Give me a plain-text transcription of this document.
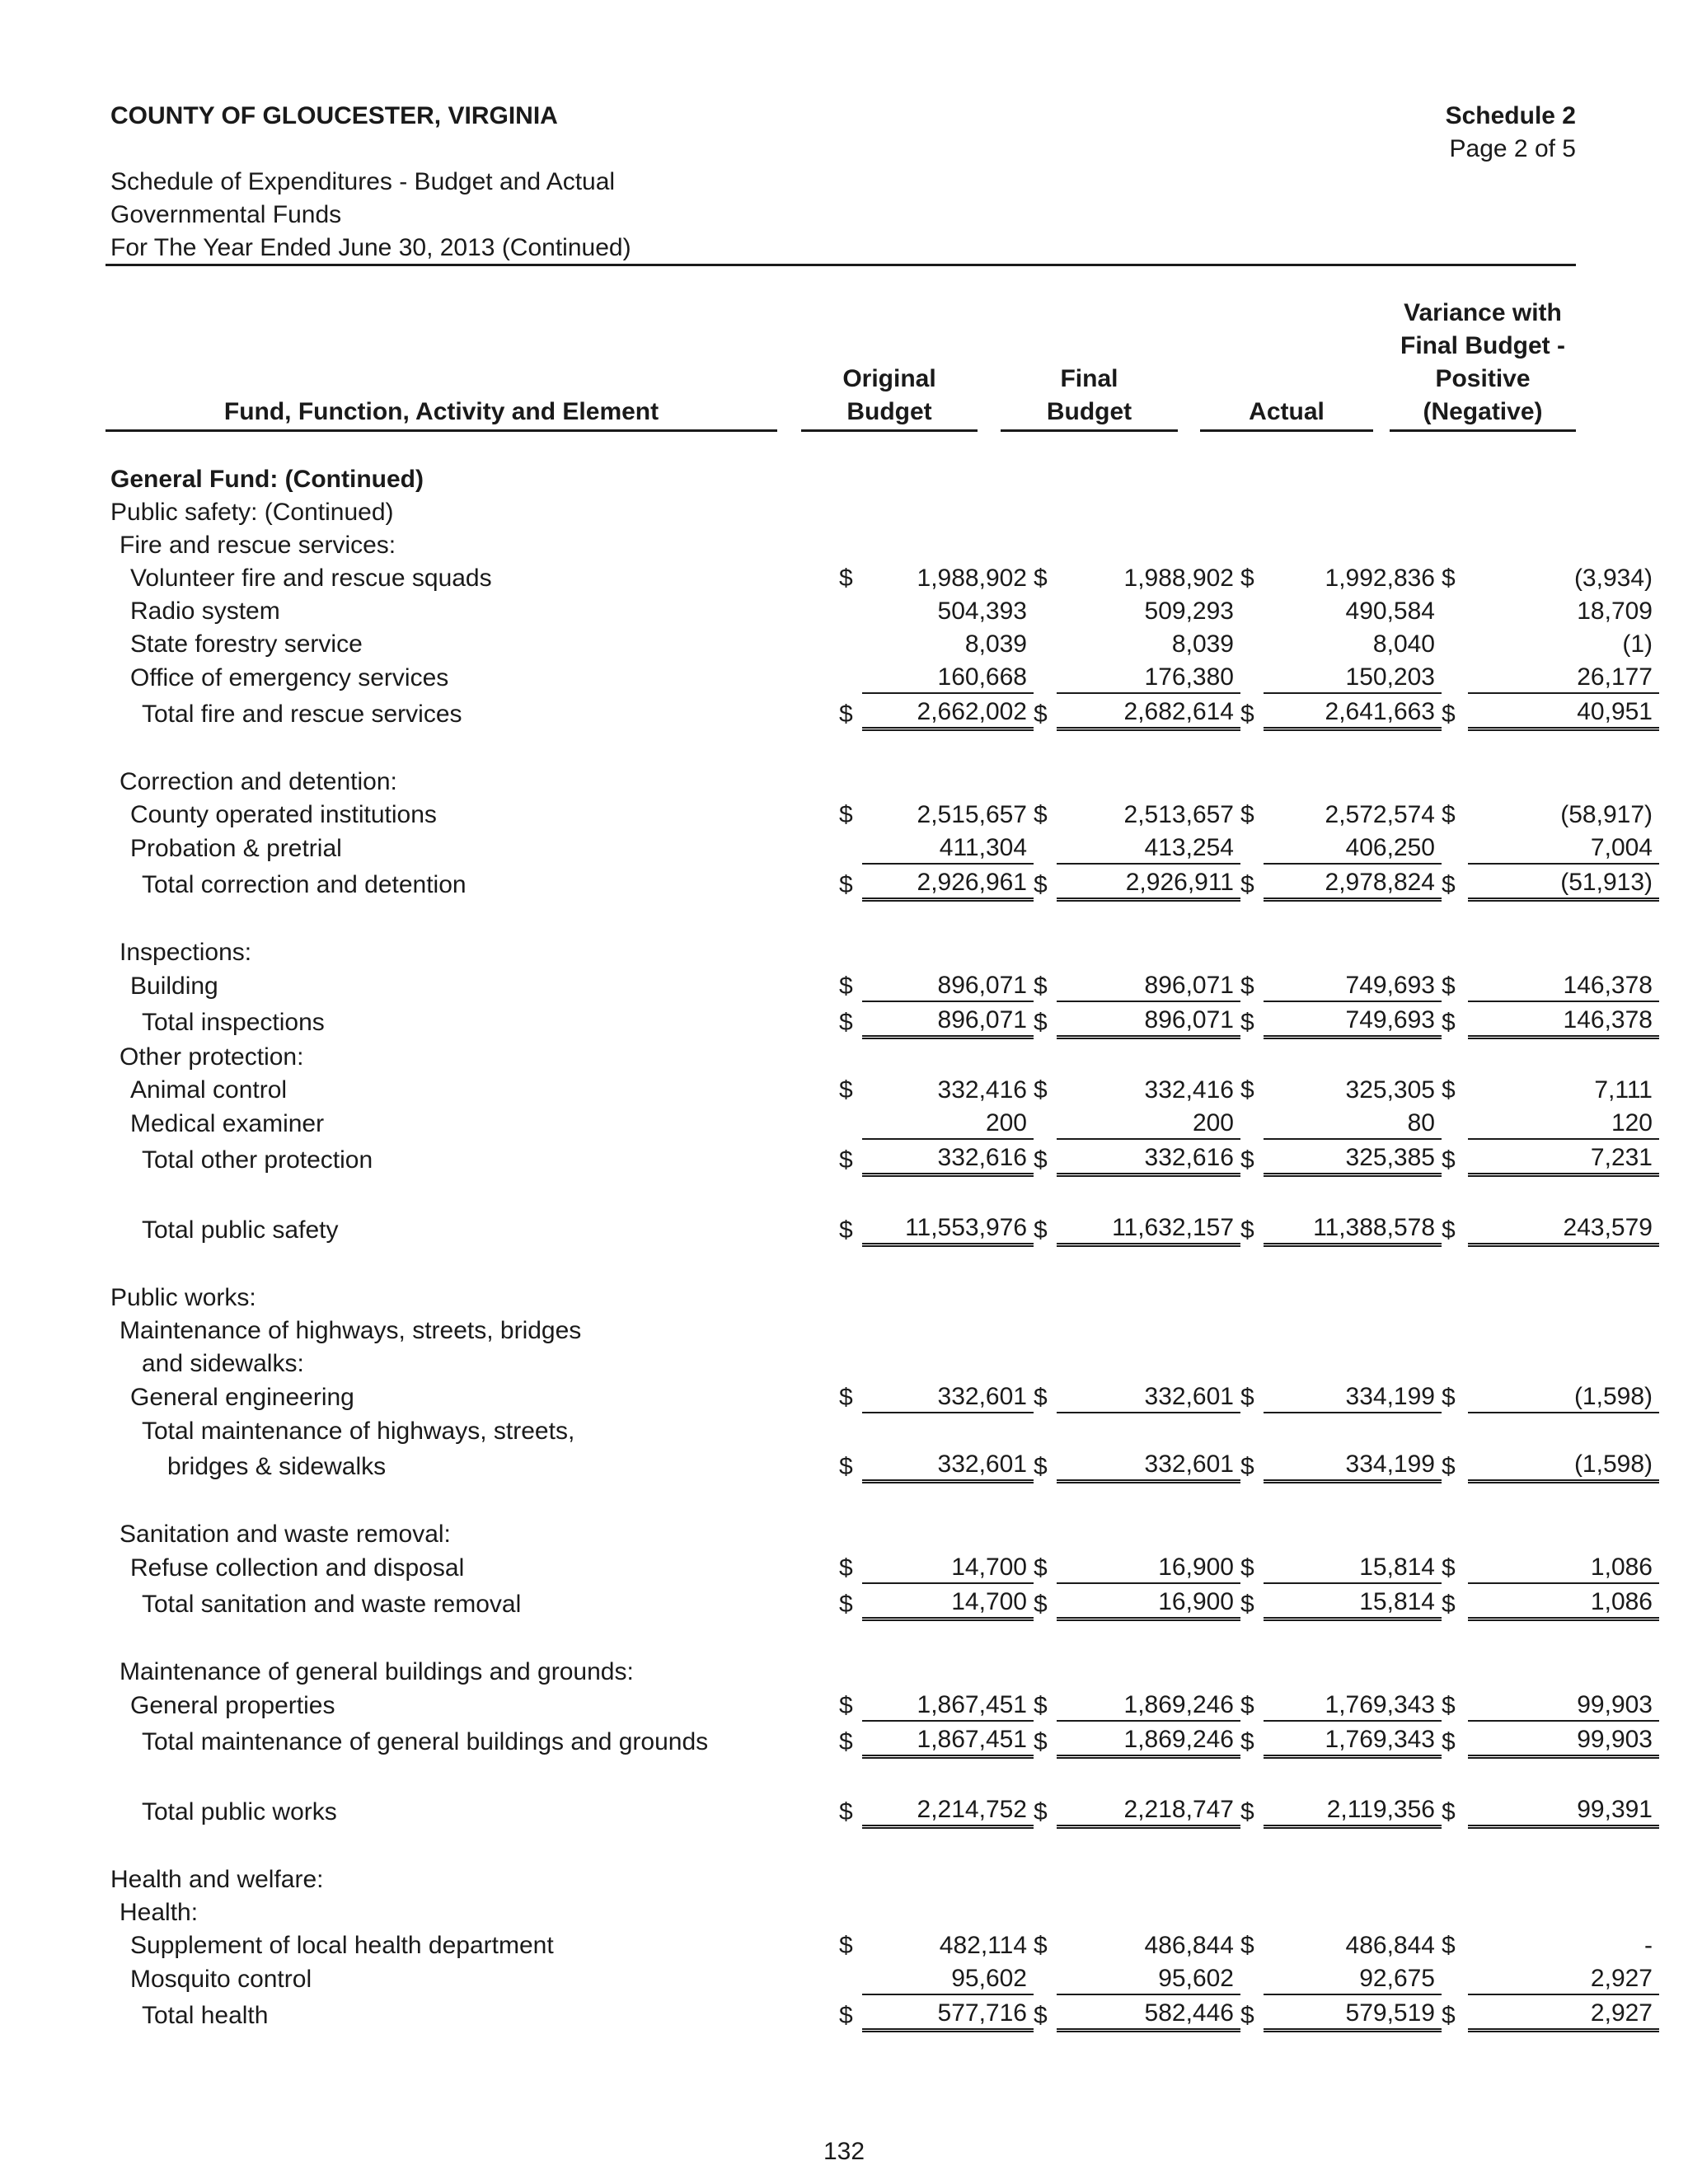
COUNTY OF GLOUCESTER, VIRGINIA	Schedule 2
Page 2 of 5
Schedule of Expenditures - Budget and Actual
Governmental Funds
For The Year Ended June 30, 2013 (Continued)
Fund, Function, Activity and Element
Original
Budget
Final
Budget	Actual
Variance with
Final Budget -
Positive
(Negative)
General Fund: (Continued)								
Public safety: (Continued)								
Fire and rescue services:								
Volunteer fire and rescue squads	$	1,988,902	$	1,988,902	$	1,992,836	$	(3,934)
Radio system		504,393		509,293		490,584		18,709
State forestry service		8,039		8,039		8,040		(1)
Office of emergency services		160,668		176,380		150,203		26,177
Total fire and rescue services	$	2,662,002	$	2,682,614	$	2,641,663	$	40,951

Correction and detention:								
County operated institutions	$	2,515,657	$	2,513,657	$	2,572,574	$	(58,917)
Probation & pretrial		411,304		413,254		406,250		7,004
Total correction and detention	$	2,926,961	$	2,926,911	$	2,978,824	$	(51,913)

Inspections:								
Building	$	896,071	$	896,071	$	749,693	$	146,378
Total inspections	$	896,071	$	896,071	$	749,693	$	146,378
Other protection:								
Animal control	$	332,416	$	332,416	$	325,305	$	7,111
Medical examiner		200		200		80		120
Total other protection	$	332,616	$	332,616	$	325,385	$	7,231

Total public safety	$	11,553,976	$	11,632,157	$	11,388,578	$	243,579

Public works:								
Maintenance of highways, streets, bridges								
and sidewalks:								
General engineering	$	332,601	$	332,601	$	334,199	$	(1,598)
Total maintenance of highways, streets,								
bridges & sidewalks	$	332,601	$	332,601	$	334,199	$	(1,598)

Sanitation and waste removal:								
Refuse collection and disposal	$	14,700	$	16,900	$	15,814	$	1,086
Total sanitation and waste removal	$	14,700	$	16,900	$	15,814	$	1,086

Maintenance of general buildings and grounds:								
General properties	$	1,867,451	$	1,869,246	$	1,769,343	$	99,903
Total maintenance of general buildings and grounds	$	1,867,451	$	1,869,246	$	1,769,343	$	99,903

Total public works	$	2,214,752	$	2,218,747	$	2,119,356	$	99,391

Health and welfare:								
Health:								
Supplement of local health department	$	482,114	$	486,844	$	486,844	$	-
Mosquito control		95,602		95,602		92,675		2,927
Total health	$	577,716	$	582,446	$	579,519	$	2,927
132
